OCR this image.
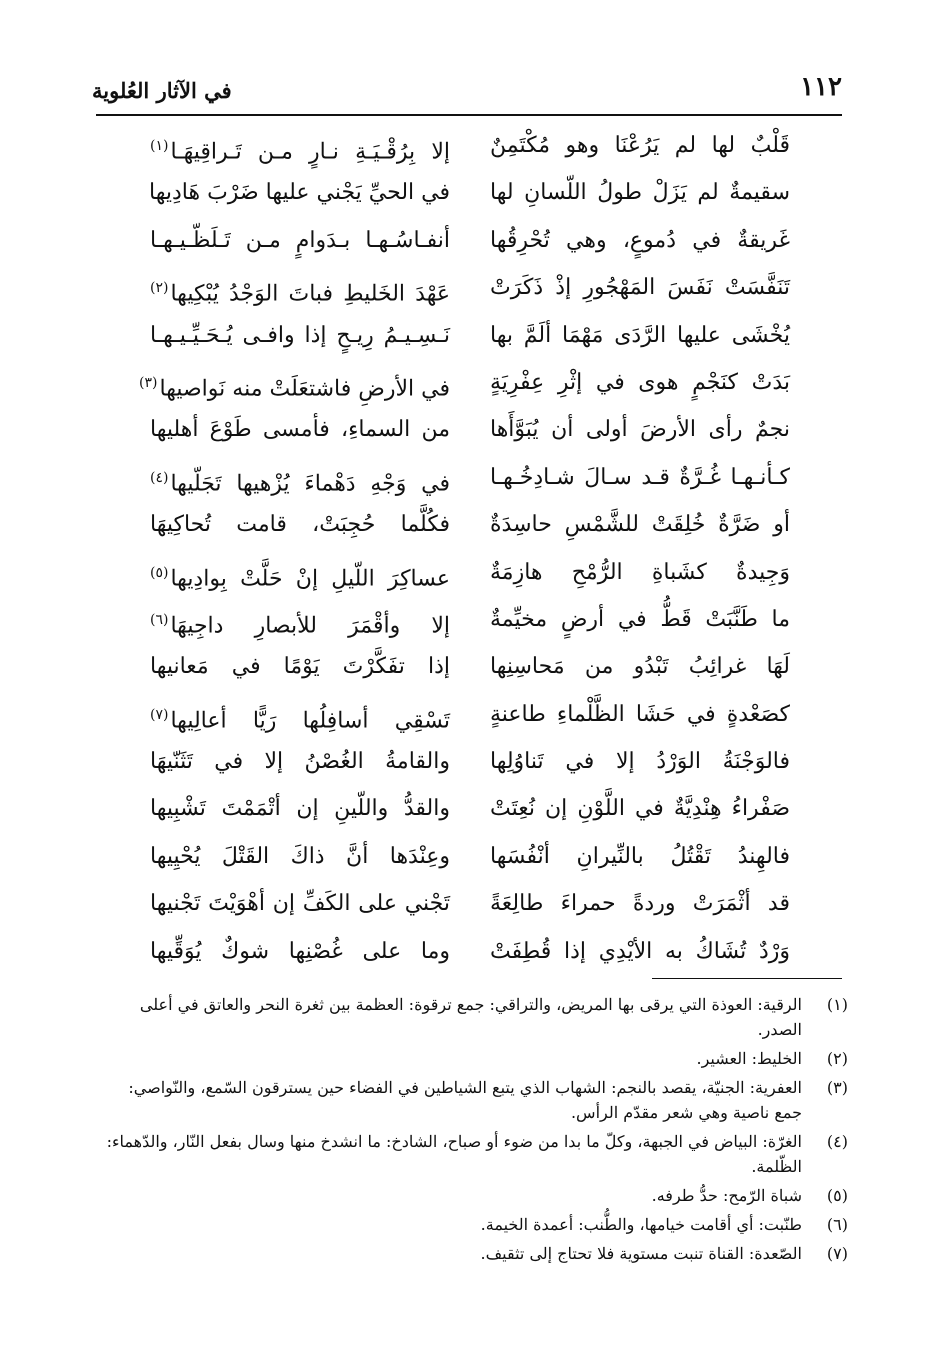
١١٢
في الآثار العُلوية
قَلْبٌ لها لم يَرُعْنَا وهو مُكْتَمِنٌ
إلا بِرُقْـيَـةِ نـارٍ مـن تَـراقِيهَـا$^{(١)}$
سقيمةٌ لم يَزَلْ طولُ اللّسانِ لها
في الحيِّ يَجْني عليها ضَرْبَ هَادِيها
غَريقةٌ في دُموعٍ، وهي تُحْرِقُها
أنفـاسُـهـا بـدَوامٍ مـن تَـلَظّـيـهـا
تَنَفَّسَتْ نَفَسَ المَهْجُورِ إذْ ذَكَرَتْ
عَهْدَ الخَليطِ فباتَ الوَجْدُ يُبْكِيها$^{(٢)}$
يُخْشَى عليها الرَّدَى مَهْمَا ألَمَّ بها
نَـسِـيـمُ رِيـحٍ إذا وافـى يُـحَـيِّـيـهـا
بَدَتْ كنَجْمٍ هوى في إثْرِ عِفْرِيَةٍ
في الأرضِ فاشتعَلَتْ منه نَواصيها$^{(٣)}$
نجمٌ رأى الأرضَ أولى أن يُبَوَّأَها
من السماءِ، فأمسى طَوْعَ أهليها
كـأنـهـا غُـرَّةٌ قـد سـالَ شـادِخُـهـا
في وَجْهِ دَهْماءَ يُزْهيها تَجَلّيها$^{(٤)}$
أو ضَرَّةٌ خُلِقَتْ للشَّمْسِ حاسِدَةٌ
فكُلَّما حُجِبَتْ، قامت تُحاكِيهَا
وَجِيدةٌ كشَباةِ الرُّمْحِ هازِمَةٌ
عساكِرَ اللّيلِ إنْ حَلَّتْ بِوادِيها$^{(٥)}$
ما طَنَّبَتْ قَطُّ في أرضٍ مخيِّمةٌ
إلا وأقْمَرَ للأبصارِ داجِيهَا$^{(٦)}$
لَهَا غرائِبُ تَبْدُو من مَحاسِنِها
إذا تفَكَّرْتَ يَوْمًا في مَعانيها
كصَعْدةٍ في حَشَا الظَّلْماءِ طاعنةٍ
تَسْقِي أسافِلُها رَيًّا أعالِيها$^{(٧)}$
فالوَجْنَةُ الوَرْدُ إلا في تَناوُلِها
والقامةُ الغُصْنُ إلا في تَثَنّيهَا
صَفْراءُ هِنْدِيَّةٌ في اللَّوْنِ إن نُعِتَتْ
والقدُّ واللّينِ إن أتْمَمْتَ تَشْبِيها
فالهِندُ تَقْتُلُ بالنِّيرانِ أنْفُسَها
وعِنْدَها أنَّ ذاكَ القَتْلَ يُحْيِيها
قد أثْمَرَتْ وردةً حمراءَ طالِعَةً
تَجْني على الكَفِّ إن أهْوَيْتَ تَجْنيها
وَرْدٌ تُشَاكُ به الأيْدِي إذا قُطِفَتْ
وما على غُصْنِها شوكٌ يُوَقِّيها
(١)
الرقية: العوذة التي يرقى بها المريض، والتراقي: جمع ترقوة: العظمة بين ثغرة النحر والعاتق في أعلى الصدر.
(٢)
الخليط: العشير.
(٣)
العفرية: الجنيّة، يقصد بالنجم: الشهاب الذي يتبع الشياطين في الفضاء حين يسترقون السّمع، والنّواصي: جمع ناصية وهي شعر مقدّم الرأس.
(٤)
الغرّة: البياض في الجبهة، وكلّ ما بدا من ضوء أو صباح، الشادخ: ما انشدخ منها وسال بفعل النّار، والدّهماء: الظّلمة.
(٥)
شباة الرّمح: حدُّ طرفه.
(٦)
طنّبت: أي أقامت خيامها، والطُّنب: أعمدة الخيمة.
(٧)
الصّعدة: القناة تنبت مستوية فلا تحتاج إلى تثقيف.
